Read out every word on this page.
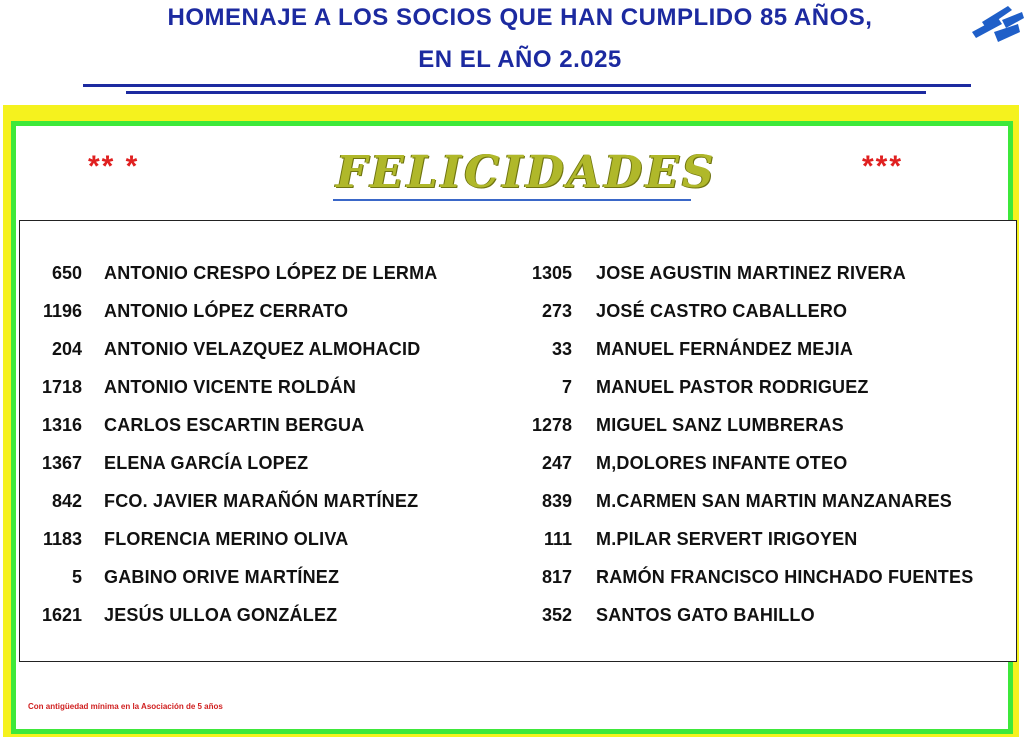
HOMENAJE A LOS SOCIOS QUE HAN CUMPLIDO 85 AÑOS,
EN EL AÑO 2.025
** *	FELICIDADES	***
650	ANTONIO CRESPO LÓPEZ DE LERMA
1196	ANTONIO LÓPEZ CERRATO
204	ANTONIO VELAZQUEZ ALMOHACID
1718	ANTONIO VICENTE ROLDÁN
1316	CARLOS ESCARTIN BERGUA
1367	ELENA GARCÍA LOPEZ
842	FCO. JAVIER MARAÑÓN MARTÍNEZ
1183	FLORENCIA MERINO OLIVA
5	GABINO ORIVE MARTÍNEZ
1621	JESÚS ULLOA GONZÁLEZ
1305	JOSE AGUSTIN MARTINEZ RIVERA
273	JOSÉ CASTRO CABALLERO
33	MANUEL FERNÁNDEZ MEJIA
7	MANUEL PASTOR RODRIGUEZ
1278	MIGUEL SANZ LUMBRERAS
247	M,DOLORES INFANTE OTEO
839	M.CARMEN SAN MARTIN MANZANARES
111	M.PILAR SERVERT IRIGOYEN
817	RAMÓN FRANCISCO HINCHADO FUENTES
352	SANTOS GATO BAHILLO
Con antigüedad mínima en la Asociación de 5 años
